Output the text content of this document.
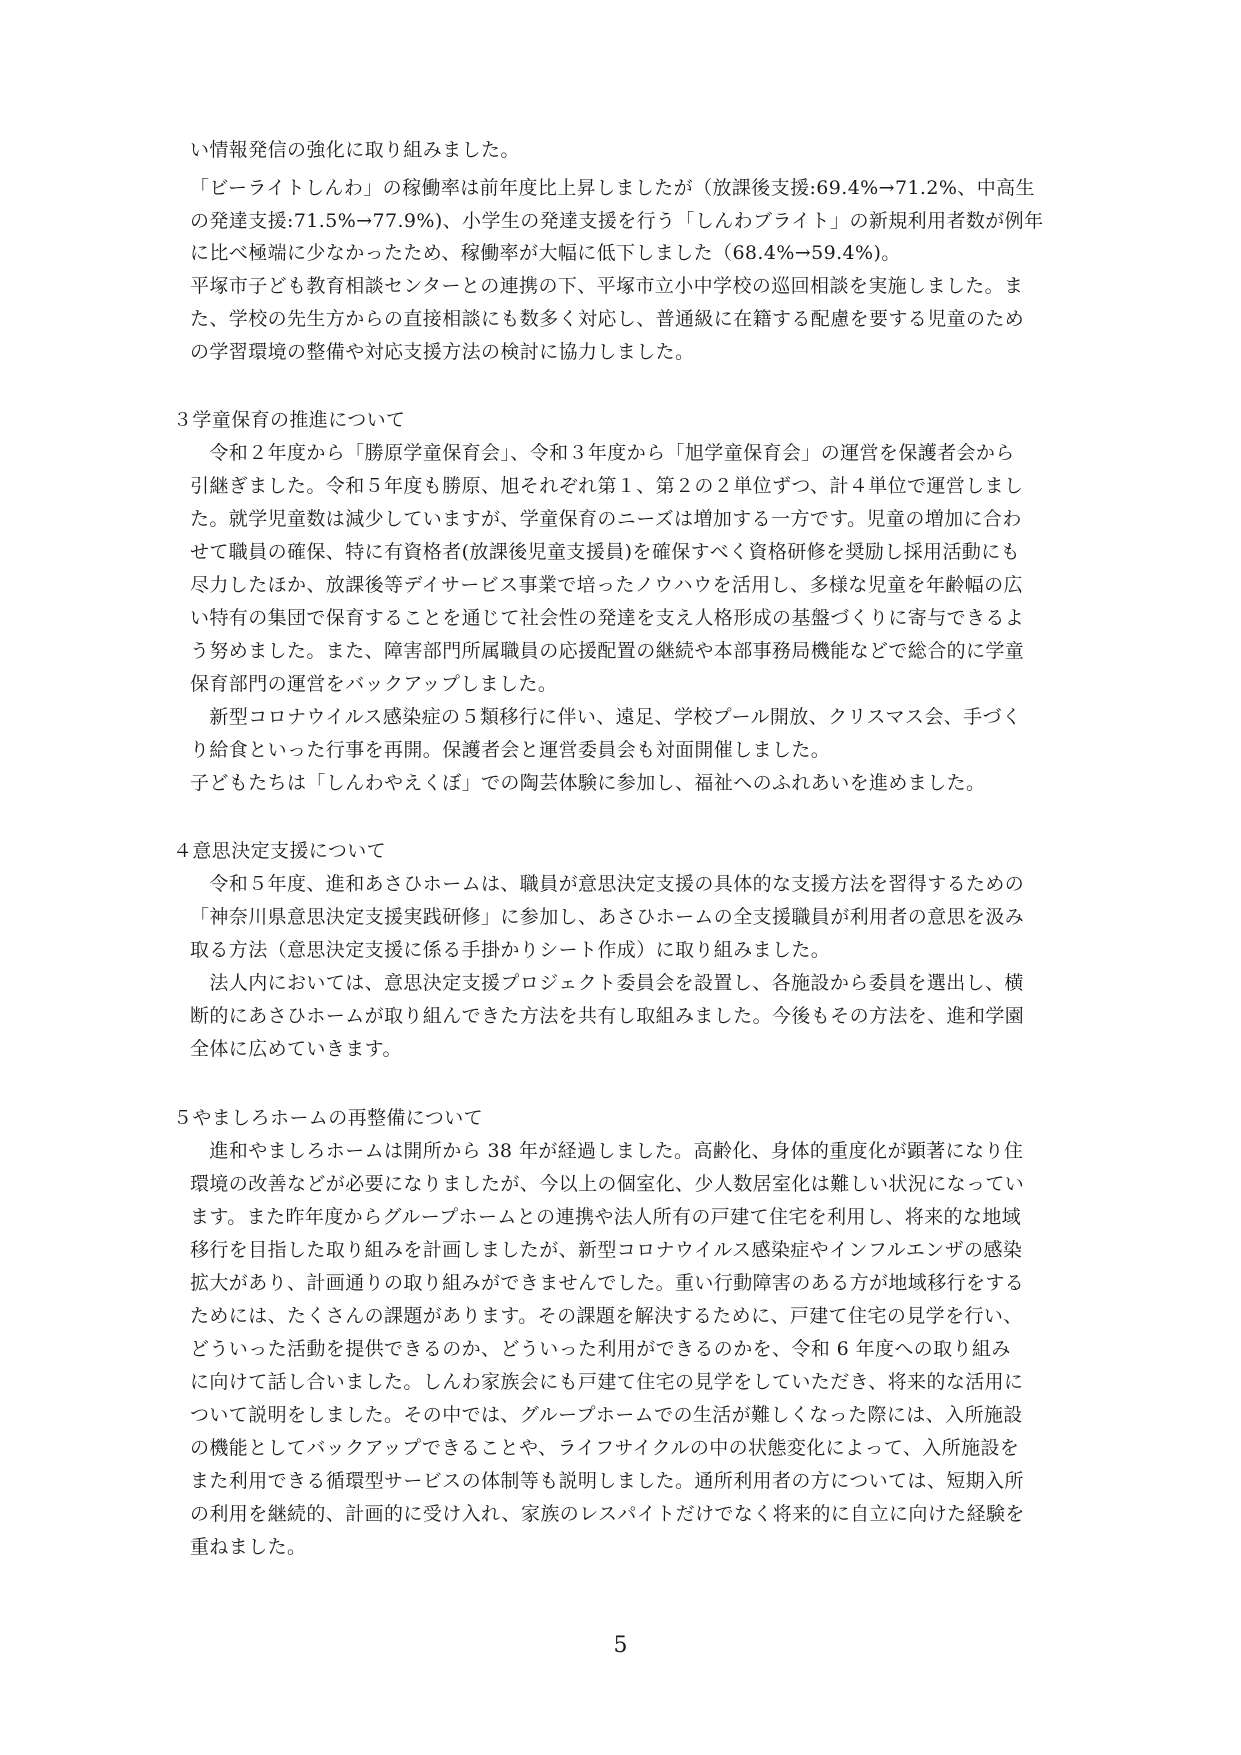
い情報発信の強化に取り組みました。
「ビーライトしんわ」の稼働率は前年度比上昇しましたが（放課後支援:69.4%→71.2%、中高生
の発達支援:71.5%→77.9%)、小学生の発達支援を行う「しんわブライト」の新規利用者数が例年
に比べ極端に少なかったため、稼働率が大幅に低下しました（68.4%→59.4%)。
平塚市子ども教育相談センターとの連携の下、平塚市立小中学校の巡回相談を実施しました。ま
た、学校の先生方からの直接相談にも数多く対応し、普通級に在籍する配慮を要する児童のため
の学習環境の整備や対応支援方法の検討に協力しました。
３学童保育の推進について
　令和２年度から「勝原学童保育会」、令和３年度から「旭学童保育会」の運営を保護者会から
引継ぎました。令和５年度も勝原、旭それぞれ第１、第２の２単位ずつ、計４単位で運営しまし
た。就学児童数は減少していますが、学童保育のニーズは増加する一方です。児童の増加に合わ
せて職員の確保、特に有資格者(放課後児童支援員)を確保すべく資格研修を奨励し採用活動にも
尽力したほか、放課後等デイサービス事業で培ったノウハウを活用し、多様な児童を年齢幅の広
い特有の集団で保育することを通じて社会性の発達を支え人格形成の基盤づくりに寄与できるよ
う努めました。また、障害部門所属職員の応援配置の継続や本部事務局機能などで総合的に学童
保育部門の運営をバックアップしました。
　新型コロナウイルス感染症の５類移行に伴い、遠足、学校プール開放、クリスマス会、手づく
り給食といった行事を再開。保護者会と運営委員会も対面開催しました。
子どもたちは「しんわやえくぼ」での陶芸体験に参加し、福祉へのふれあいを進めました。
４意思決定支援について
　令和５年度、進和あさひホームは、職員が意思決定支援の具体的な支援方法を習得するための
「神奈川県意思決定支援実践研修」に参加し、あさひホームの全支援職員が利用者の意思を汲み
取る方法（意思決定支援に係る手掛かりシート作成）に取り組みました。
　法人内においては、意思決定支援プロジェクト委員会を設置し、各施設から委員を選出し、横
断的にあさひホームが取り組んできた方法を共有し取組みました。今後もその方法を、進和学園
全体に広めていきます。
５やましろホームの再整備について
　進和やましろホームは開所から 38 年が経過しました。高齢化、身体的重度化が顕著になり住
環境の改善などが必要になりましたが、今以上の個室化、少人数居室化は難しい状況になってい
ます。また昨年度からグループホームとの連携や法人所有の戸建て住宅を利用し、将来的な地域
移行を目指した取り組みを計画しましたが、新型コロナウイルス感染症やインフルエンザの感染
拡大があり、計画通りの取り組みができませんでした。重い行動障害のある方が地域移行をする
ためには、たくさんの課題があります。その課題を解決するために、戸建て住宅の見学を行い、
どういった活動を提供できるのか、どういった利用ができるのかを、令和 6 年度への取り組み
に向けて話し合いました。しんわ家族会にも戸建て住宅の見学をしていただき、将来的な活用に
ついて説明をしました。その中では、グループホームでの生活が難しくなった際には、入所施設
の機能としてバックアップできることや、ライフサイクルの中の状態変化によって、入所施設を
また利用できる循環型サービスの体制等も説明しました。通所利用者の方については、短期入所
の利用を継続的、計画的に受け入れ、家族のレスパイトだけでなく将来的に自立に向けた経験を
重ねました。
5
